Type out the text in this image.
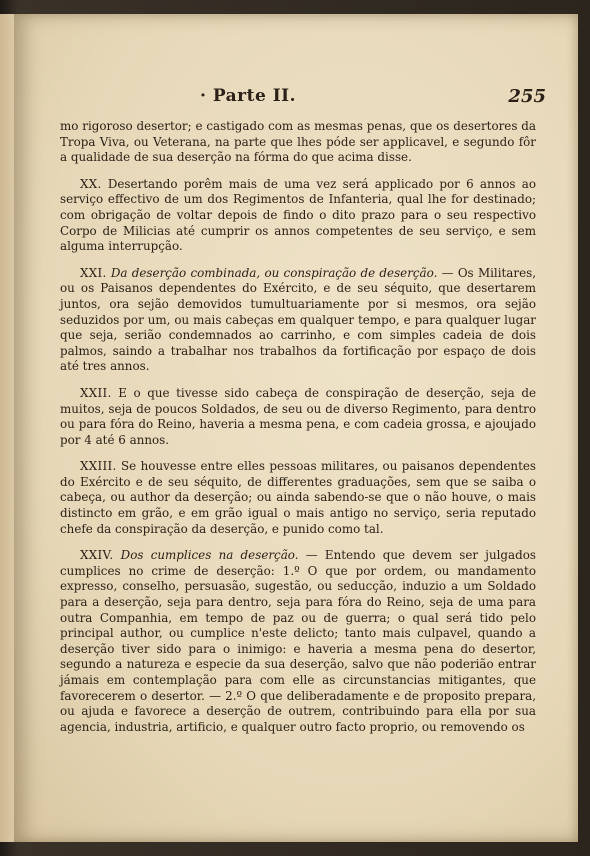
· Parte II.	255

mo rigoroso desertor; e castigado com as mesmas penas, que os desertores da Tropa Viva, ou Veterana, na parte que lhes póde ser applicavel, e segundo fôr a qualidade de sua deserção na fórma do que acima disse.

XX. Desertando porêm mais de uma vez será applicado por 6 annos ao serviço effectivo de um dos Regimentos de Infanteria, qual lhe for destinado; com obrigação de voltar depois de findo o dito prazo para o seu respectivo Corpo de Milicias até cumprir os annos competentes de seu serviço, e sem alguma interrupção.

XXI. Da deserção combinada, ou conspiração de deserção. — Os Militares, ou os Paisanos dependentes do Exército, e de seu séquito, que desertarem juntos, ora sejão demovidos tumultuariamente por si mesmos, ora sejão seduzidos por um, ou mais cabeças em qualquer tempo, e para qualquer lugar que seja, serião condemnados ao carrinho, e com simples cadeia de dois palmos, saindo a trabalhar nos trabalhos da fortificação por espaço de dois até tres annos.

XXII. E o que tivesse sido cabeça de conspiração de deserção, seja de muitos, seja de poucos Soldados, de seu ou de diverso Regimento, para dentro ou para fóra do Reino, haveria a mesma pena, e com cadeia grossa, e ajoujado por 4 até 6 annos.

XXIII. Se houvesse entre elles pessoas militares, ou paisanos dependentes do Exército e de seu séquito, de differentes graduações, sem que se saiba o cabeça, ou author da deserção; ou ainda sabendo-se que o não houve, o mais distincto em grão, e em grão igual o mais antigo no serviço, seria reputado chefe da conspiração da deserção, e punido como tal.

XXIV. Dos cumplices na deserção. — Entendo que devem ser julgados cumplices no crime de deserção: 1.º O que por ordem, ou mandamento expresso, conselho, persuasão, sugestão, ou seducção, induzio a um Soldado para a deserção, seja para dentro, seja para fóra do Reino, seja de uma para outra Companhia, em tempo de paz ou de guerra; o qual será tido pelo principal author, ou cumplice n'este delicto; tanto mais culpavel, quando a deserção tiver sido para o inimigo: e haveria a mesma pena do desertor, segundo a natureza e especie da sua deserção, salvo que não poderião entrar jámais em contemplação para com elle as circunstancias mitigantes, que favorecerem o desertor. — 2.º O que deliberadamente e de proposito prepara, ou ajuda e favorece a deserção de outrem, contribuindo para ella por sua agencia, industria, artificio, e qualquer outro facto proprio, ou removendo os
